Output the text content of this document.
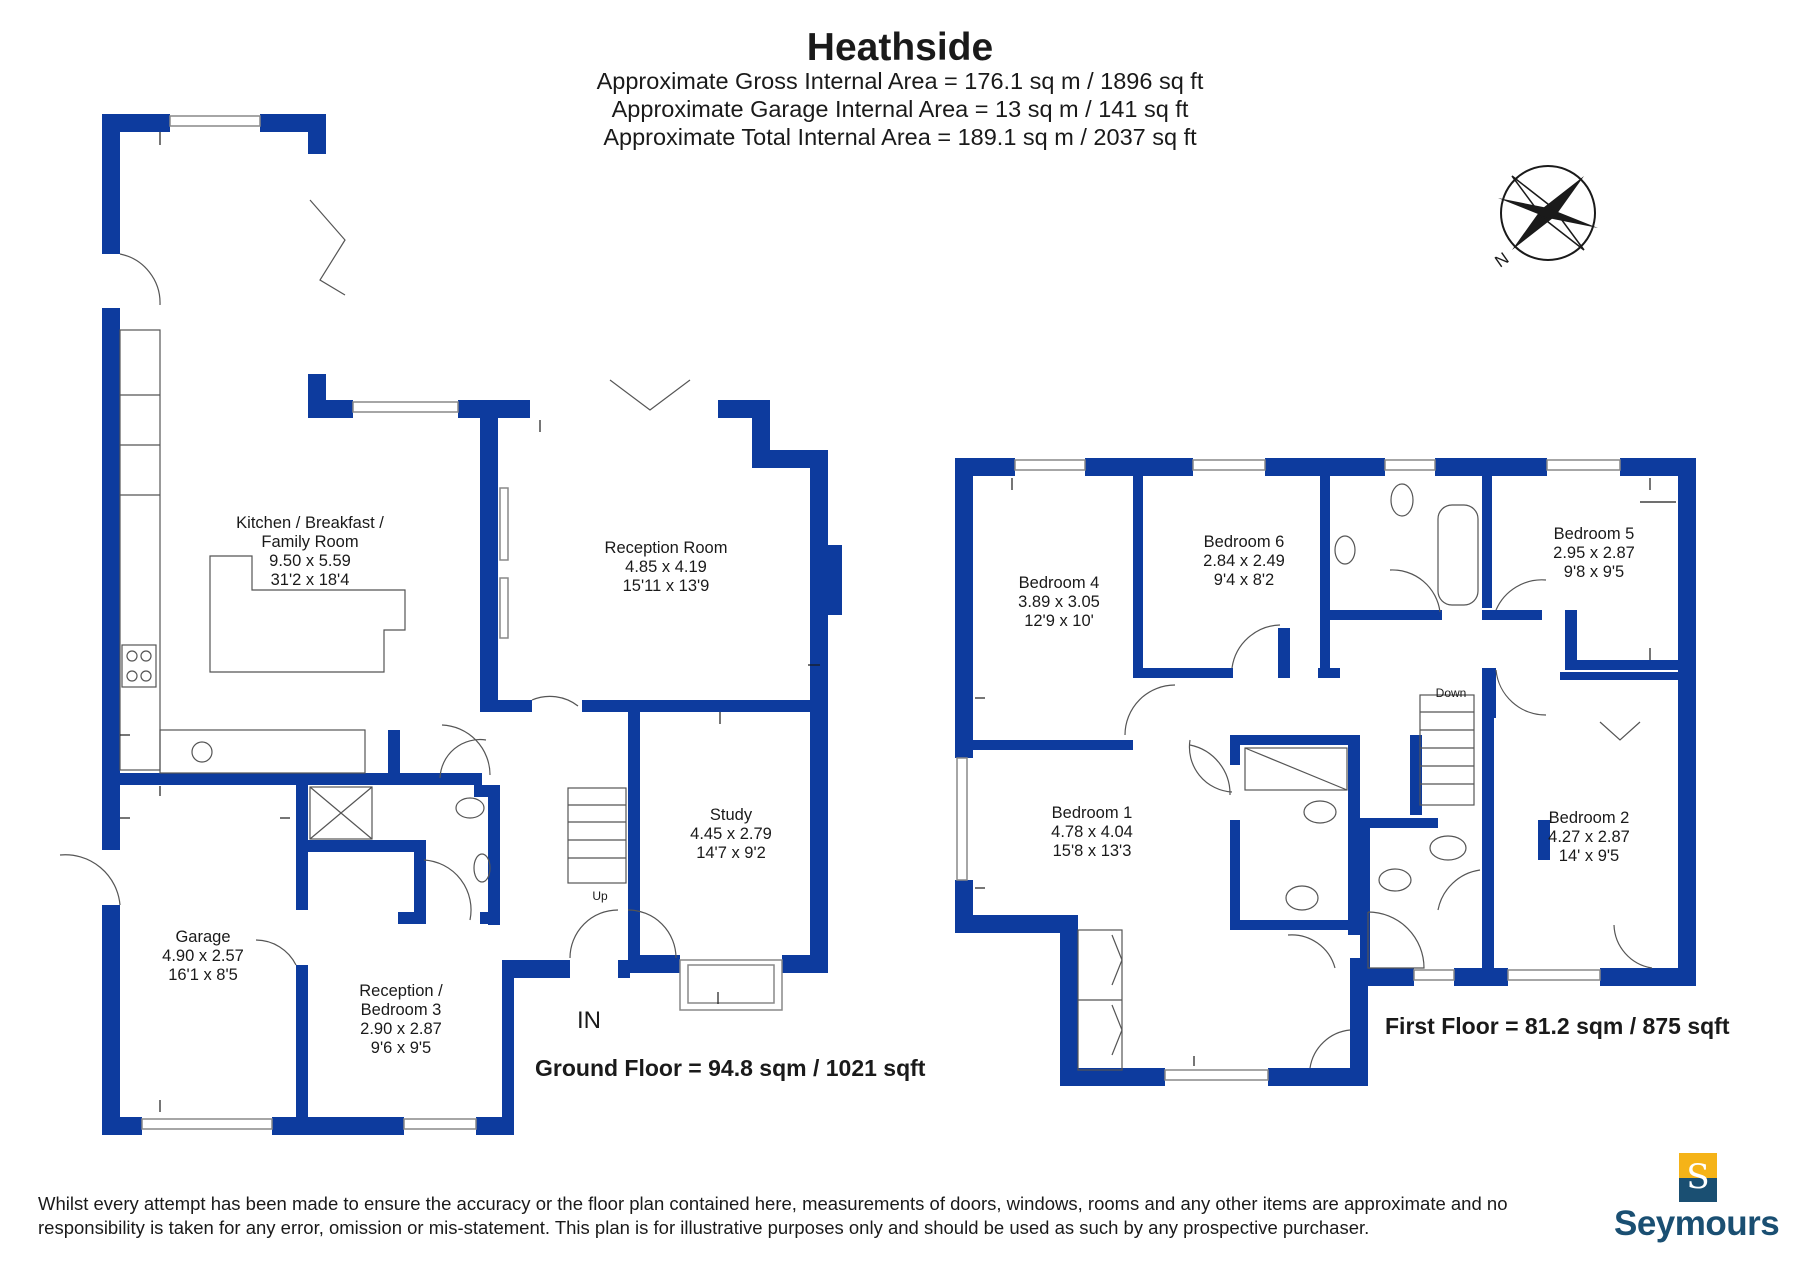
Kitchen / Breakfast /
Family Room
9.50 x 5.59
31'2 x 18'4
Reception Room
4.85 x 4.19
15'11 x 13'9
Study
4.45 x 2.79
14'7 x 9'2
Garage
4.90 x 2.57
16'1 x 8'5
Reception /
Bedroom 3
2.90 x 2.87
9'6 x 9'5
Up
Bedroom 4
3.89 x 3.05
12'9 x 10'
Bedroom 6
2.84 x 2.49
9'4 x 8'2
Bedroom 5
2.95 x 2.87
9'8 x 9'5
Bedroom 1
4.78 x 4.04
15'8 x 13'3
Bedroom 2
4.27 x 2.87
14' x 9'5
Down
N
Heathside
Approximate Gross Internal Area = 176.1 sq m / 1896 sq ft
Approximate Garage Internal Area = 13 sq m / 141 sq ft
Approximate Total Internal Area = 189.1 sq m / 2037 sq ft
IN
Ground Floor = 94.8 sqm / 1021 sqft
First Floor = 81.2 sqm / 875 sqft
Whilst every attempt has been made to ensure the accuracy or the floor plan contained here, measurements of doors, windows, rooms and any other items are approximate and no responsibility is taken for any error, omission or mis-statement. This plan is for illustrative purposes only and should be used as such by any prospective purchaser.
S
Seymours
